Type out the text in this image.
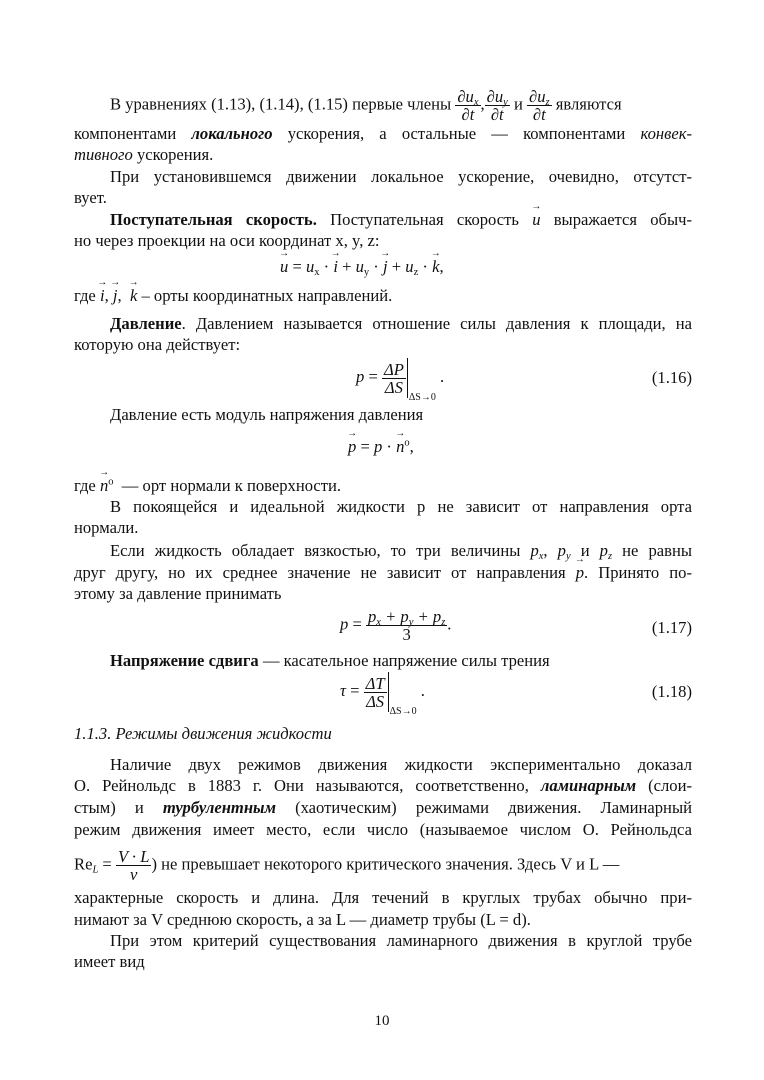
В уравнениях (1.13), (1.14), (1.15) первые члены $\frac{\partial u_x}{\partial t}$ , $\frac{\partial u_y}{\partial t}$ и $\frac{\partial u_z}{\partial t}$ являются
компонентами локального ускорения, а остальные — компонентами конвек-
тивного ускорения.
При установившемся движении локальное ускорение, очевидно, отсутст-
вует.
Поступательная скорость. Поступательная скорость → u выражается обыч-
но через проекции на оси координат x, y, z:
→ $u = u_x$ · → $i + u_y$ · → $j + u_z$ · → k,
где → i, → j,  → k – орты координатных направлений.
Давление. Давлением называется отношение силы давления к площади, на
которую она действует:
$p = \frac{\Delta P}{\Delta S}$
ΔS→0 .	(1.16)
Давление есть модуль напряжения давления
→ p = p · → $n^o$,
где → $n^o$ — орт нормали к поверхности.
В покоящейся и идеальной жидкости p не зависит от направления орта
нормали.
Если жидкость обладает вязкостью, то три величины $p_x$, $p_y$ и $p_z$ не равны
друг другу, но их среднее значение не зависит от направления → p. Принято по-
этому за давление принимать
$p = \frac{p_x + p_y + p_z}{3}$ .	(1.17)
Напряжение сдвига — касательное напряжение силы трения
$\tau = \frac{\Delta T}{\Delta S}$
ΔS→0 .	(1.18)
1.1.3. Режимы движения жидкости
Наличие двух режимов движения жидкости экспериментально доказал
О. Рейнольдс в 1883 г. Они называются, соответственно, ламинарным (слои-
стым) и турбулентным (хаотическим) режимами движения. Ламинарный
режим движения имеет место, если число (называемое числом О. Рейнольдса
$Re_L = \frac{V \cdot L}{\nu}$ ) не превышает некоторого критического значения. Здесь V и L —
характерные скорость и длина. Для течений в круглых трубах обычно при-
нимают за V среднюю скорость, а за L — диаметр трубы (L = d).
При этом критерий существования ламинарного движения в круглой трубе
имеет вид
10
